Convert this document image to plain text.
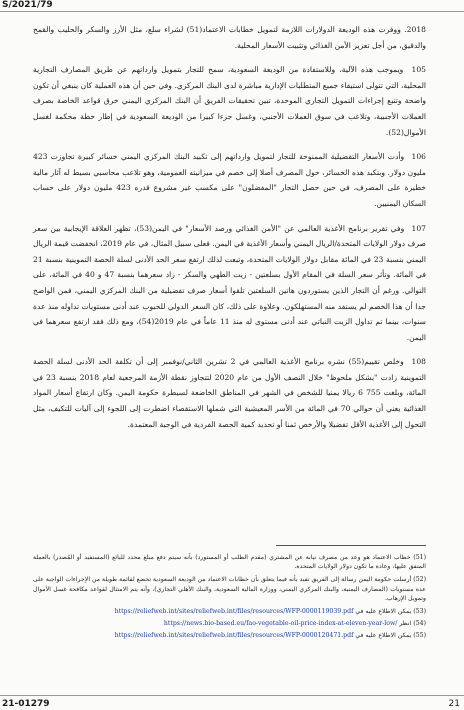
S/2021/79

2018. ووفرت هذه الوديعة الدولارات اللازمة لتمويل خطابات الاعتماد(51) لشراء سلع، مثل الأرز والسكر والحليب والقمح والدقيق، من أجل تعزيز الأمن الغذائي وتثبيت الأسعار المحلية.

105 ويموجب هذه الآلية، وللاستفادة من الوديعة السعودية، سمح للتجار بتمويل وارداتهم عن طريق المصارف التجارية المحلية، التي تتولى استيفاء جميع المتطلبات الإدارية مباشرة لدى البنك المركزي. وفي حين أن هذه العملية كان ينبغي أن تكون واضحة وتتبع إجراءات التمويل التجاري الموحدة، تبين تحقيقات الفريق أن البنك المركزي اليمني خرق قواعد الخاصة بصرف العملات الأجنبية، وتلاعب في سوق العملات الأجنبي، وغسل جزءا كبيرا من الوديعة السعودية في إطار خطة محكمة لغسل الأموال(52).

106 وأدت الأسعار التفضيلية الممنوحة للتجار لتمويل وارداتهم إلى تكبيد البنك المركزي اليمني خسائر كبيرة تجاوزت 423 مليون دولار. وبتكبد هذه الخسائر، حول المصرف أصلا إلى خصم في ميزانيته العمومية، وهو تلاعب محاسبي بسيط له آثار مالية خطيرة على المصرف، في حين حصل التجار "المفضلون" على مكسب غير مشروع قدره 423 مليون دولار على حساب السكان اليمنيين.

107 وفي تقرير برنامج الأغذية العالمي عن "الأمن الغذائي ورصد الأسعار" في اليمن(53)، تظهر العلاقة الإيجابية بين سعر صرف دولار الولايات المتحدة/الريال اليمني وأسعار الأغذية في اليمن. فعلى سبيل المثال، في عام 2019، انخفضت قيمة الريال اليمني بنسبة 23 في المائة مقابل دولار الولايات المتحدة، وتبعت لذلك ارتفع سعر الحد الأدنى لسلة الحصة التموينية بنسبة 21 في المائة. وتأثر سعر السلة في المقام الأول بسلعتين - زيت الطهي والسكر - زاد سعرهما بنسبة 47 و 40 في المائة، على التوالي. ورغم أن التجار الذين يستوردون هاتين السلعتين تلقوا أسعار صرف تفضيلية من البنك المركزي اليمني، فمن الواضح جدا أن هذا الخصم لم يستفد منه المستهلكون. وعلاوة على ذلك، كان السعر الدولي للحبوب عند أدنى مستويات تداوله منذ عدة سنوات، بينما تم تداول الزيت النباتي عند أدنى مستوى له منذ 11 عاماً في عام 2019(54)، ومع ذلك فقد ارتفع سعرهما في اليمن.

108 وخلص تقييم(55) نشره برنامج الأغذية العالمي في 2 تشرين الثاني/نوفمبر إلى أن تكلفة الحد الأدنى لسلة الحصة التموينية زادت "بشكل ملحوظ" خلال النصف الأول من عام 2020 لتتجاوز نقطة الأزمة المرجعية لعام 2018 بنسبة 23 في المائة، وبلغت 755 6 ريالا يمنيا للشخص في الشهر في المناطق الخاضعة لسيطرة حكومة اليمن. وكان ارتفاع أسعار المواد الغذائية يعني أن حوالي 70 في المائة من الأسر المعيشية التي شملها الاستقصاء اضطرت إلى اللجوء إلى آليات للتكيف، مثل التحول إلى الأغذية الأقل تفضيلا والأرخص ثمنا أو تحديد كمية الحصة الفردية في الوجبة المعتمدة.

(51) خطاب الاعتماد هو وعد من مصرف نيابة عن المشتري (مقدم الطلب أو المستورد) بأنه سيتم دفع مبلغ محدد للبائع (المستفيد أو المُصدر) بالعملة المتفق عليها، وعادة ما تكون دولار الولايات المتحدة.

(52) أرسلت حكومة اليمن رسالة إلى الفريق تفيد بأنه فيما يتعلق بأن خطابات الاعتماد من الوديعة السعودية تخضع لقائمة طويلة من الإجراءات الواجبة على عدة مستويات (المصارف اليمنية، والبنك المركزي اليمني، ووزارة المالية السعودية، والبنك الأهلي التجاري)، وأنه يتم الامتثال لقواعد مكافحة غسل الأموال وتمويل الإرهاب.

(53) يمكن الاطلاع عليه في https://reliefweb.int/sites/reliefweb.int/files/resources/WFP-0000119039.pdf

(54) انظر https://news.bio-based.eu/fao-vegetable-oil-price-index-at-eleven-year-low/

(55) يمكن الاطلاع عليه في https://reliefweb.int/sites/reliefweb.int/files/resources/WFP-0000120471.pdf

21-01279	21
